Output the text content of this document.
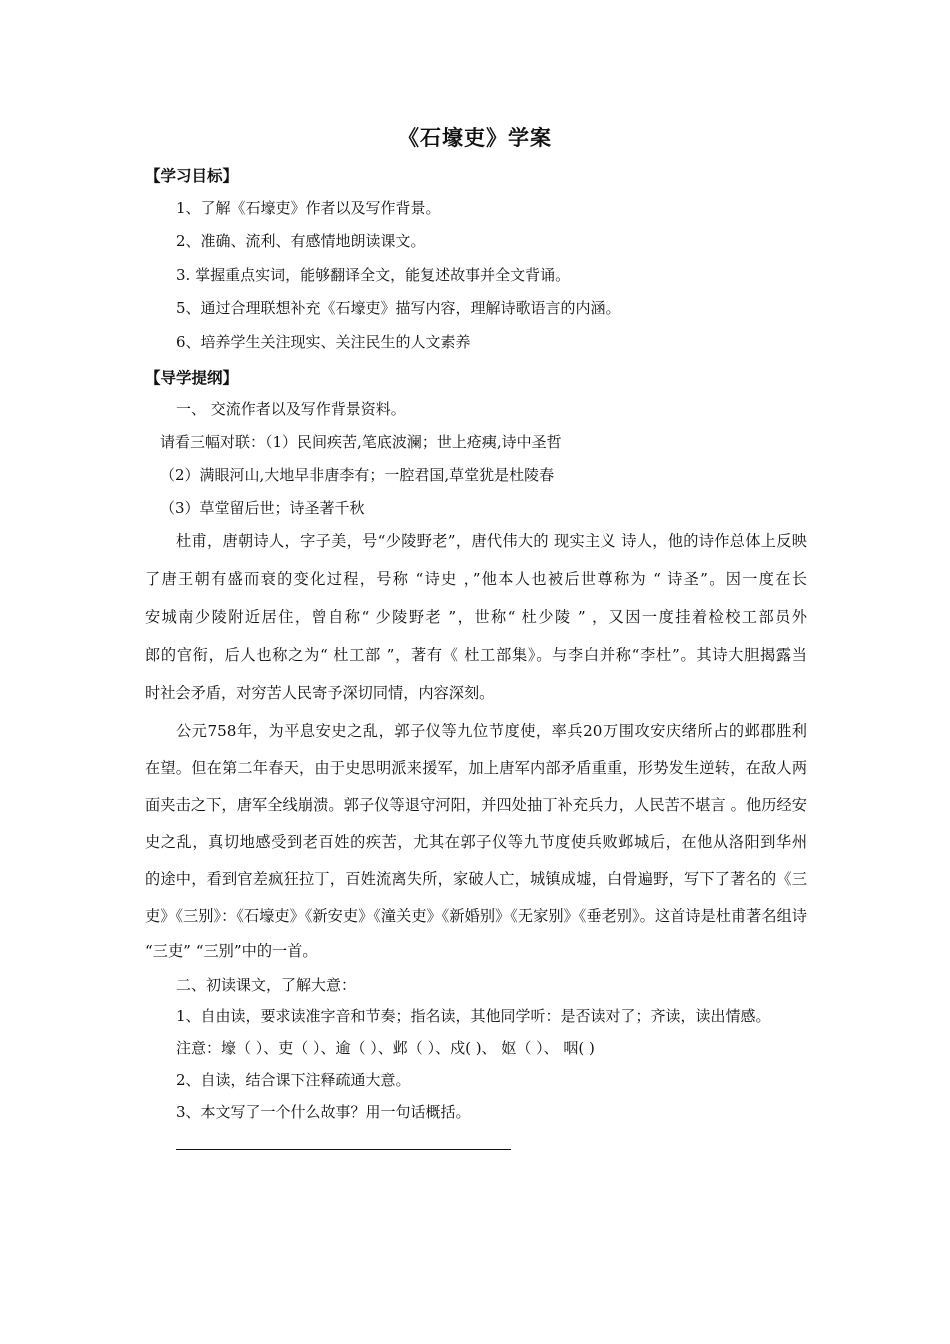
《石壕吏》学案
【学习目标】
1、了解《石壕吏》作者以及写作背景。
2、准确、流利、有感情地朗读课文。
3. 掌握重点实词，能够翻译全文，能复述故事并全文背诵。
5、通过合理联想补充《石壕吏》描写内容，理解诗歌语言的内涵。
6、培养学生关注现实、关注民生的人文素养
【导学提纲】
一、 交流作者以及写作背景资料。
请看三幅对联：（1）民间疾苦,笔底波澜；世上疮痍,诗中圣哲
（2）满眼河山,大地早非唐李有；一腔君国,草堂犹是杜陵春
（3）草堂留后世；诗圣著千秋
杜甫，唐朝诗人，字子美，号“少陵野老”，唐代伟大的 现实主义 诗人，他的诗作总体上反映
了唐王朝有盛而衰的变化过程，号称 “诗史 ，”他本人也被后世尊称为 “ 诗圣”。因一度在长
安城南少陵附近居住，曾自称“ 少陵野老 ”，世称“ 杜少陵 ” ，又因一度挂着检校工部员外
郎的官衔，后人也称之为“ 杜工部 ”，著有《 杜工部集》。与李白并称“李杜”。其诗大胆揭露当
时社会矛盾，对穷苦人民寄予深切同情，内容深刻。
公元758年，为平息安史之乱，郭子仪等九位节度使，率兵20万围攻安庆绪所占的邺郡胜利
在望。但在第二年春天，由于史思明派来援军，加上唐军内部矛盾重重，形势发生逆转，在敌人两
面夹击之下，唐军全线崩溃。郭子仪等退守河阳，并四处抽丁补充兵力，人民苦不堪言 。他历经安
史之乱，真切地感受到老百姓的疾苦，尤其在郭子仪等九节度使兵败邺城后，在他从洛阳到华州
的途中，看到官差疯狂拉丁，百姓流离失所，家破人亡，城镇成墟，白骨遍野，写下了著名的《三
吏》《三别》：《石壕吏》《新安吏》《潼关吏》《新婚别》《无家别》《垂老别》。这首诗是杜甫著名组诗
“三吏” “三别”中的一首。
二、初读课文，了解大意：
1、自由读，要求读准字音和节奏；指名读，其他同学听：是否读对了；齐读，读出情感。
注意：壕（ ）、吏（ ）、逾（ ）、邺（ ）、戍( )、 妪（ ）、 咽( )
2、自读，结合课下注释疏通大意。
3、本文写了一个什么故事？用一句话概括。
